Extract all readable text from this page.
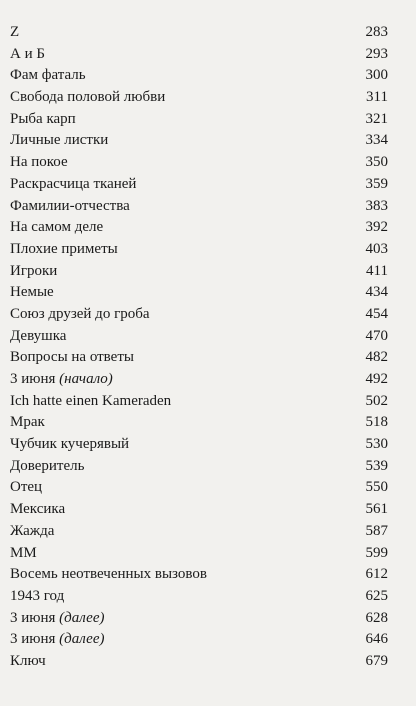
Z	283
А и Б	293
Фам фаталь	300
Свобода половой любви	311
Рыба карп	321
Личные листки	334
На покое	350
Раскрасчица тканей	359
Фамилии-отчества	383
На самом деле	392
Плохие приметы	403
Игроки	411
Немые	434
Союз друзей до гроба	454
Девушка	470
Вопросы на ответы	482
3 июня (начало)	492
Ich hatte einen Kameraden	502
Мрак	518
Чубчик кучерявый	530
Доверитель	539
Отец	550
Мексика	561
Жажда	587
ММ	599
Восемь неотвеченных вызовов	612
1943 год	625
3 июня (далее)	628
3 июня (далее)	646
Ключ	679
